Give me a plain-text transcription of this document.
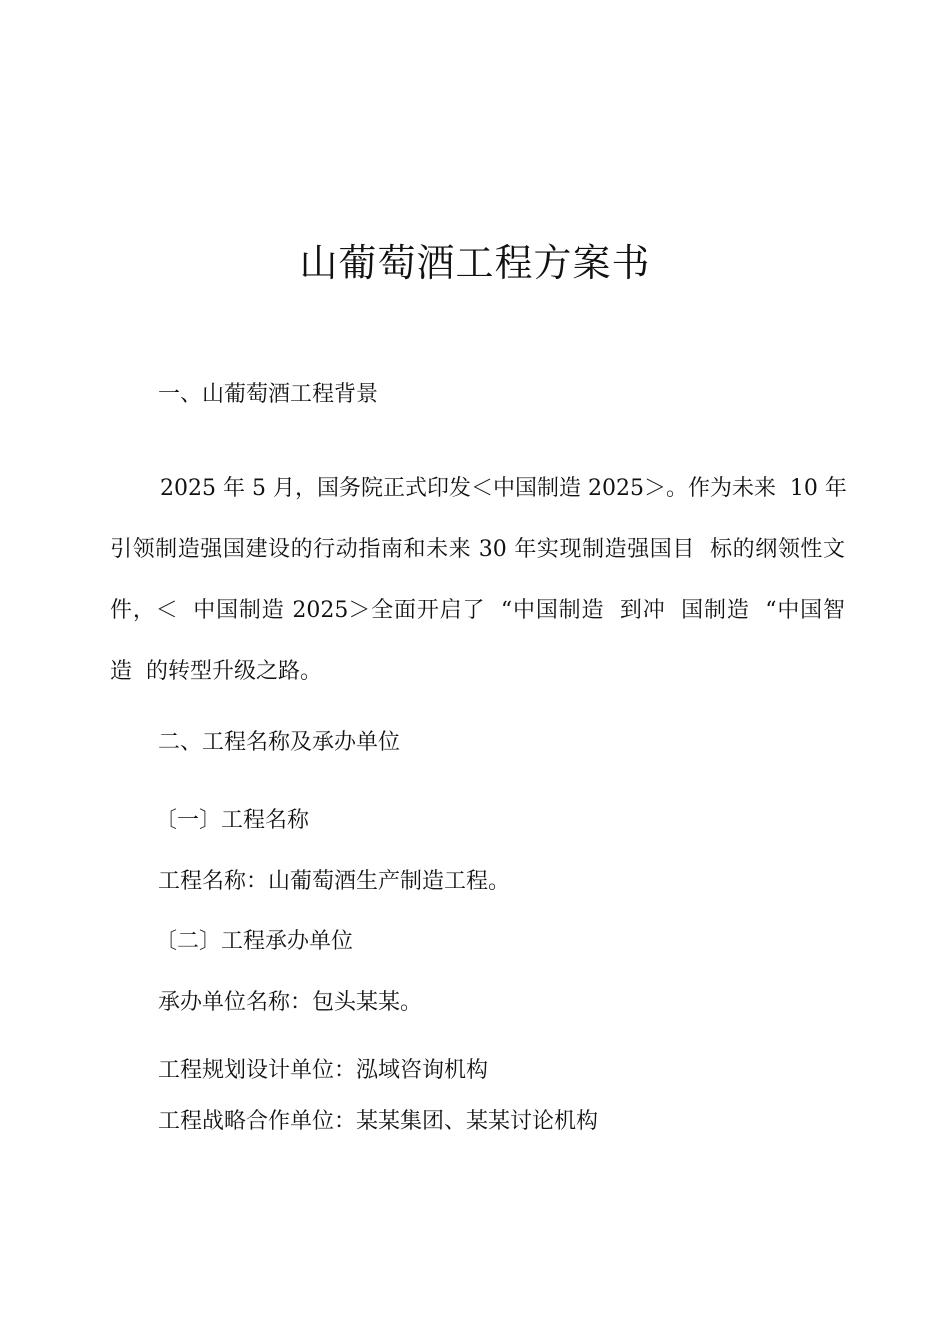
山葡萄酒工程方案书
一、山葡萄酒工程背景
2025 年 5 月，国务院正式印发＜中国制造 2025＞。作为未来  10 年
引领制造强国建设的行动指南和未来 30 年实现制造强国目  标的纲领性文
件，＜  中国制造 2025＞全面开启了  “中国制造  到冲  国制造  “中国智
造  的转型升级之路。
二、工程名称及承办单位
〔一〕工程名称
工程名称：山葡萄酒生产制造工程。
〔二〕工程承办单位
承办单位名称：包头某某。
工程规划设计单位：泓域咨询机构
工程战略合作单位：某某集团、某某讨论机构
